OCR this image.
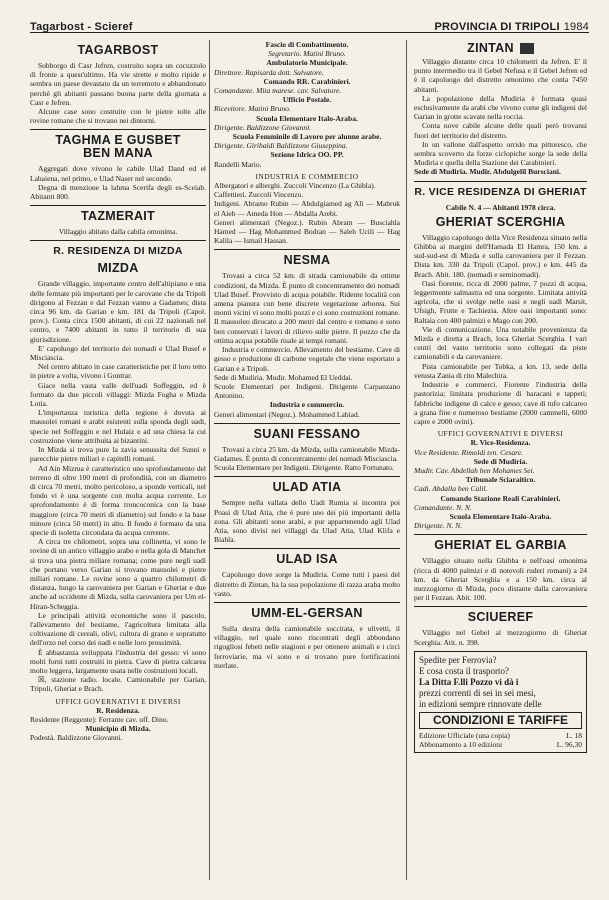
Tagarbost - Scieref	PROVINCIA DI TRIPOLI 1984
TAGARBOST

Sobborgo di Casr Jefren, costruito sopra un cocuzzolo di fronte a quest'ultimo. Ha vie strette e molto ripide e sembra un paese devastato da un terremoto e abbandonato perchè gli abitanti passano buona parte della giornata a Casr e Jefren.

Alcune case sono costruite con le pietre tolte alle rovine romane che si trovano nei dintorni.

TAGHMA E GUSBET
BEN MANA

Aggregati dove vivono le cabile Ulad Dand ed el Lahaiena, nel primo, e Ulad Naser nel secondo.

Degna di menzione la lahma Scerifa degli es-Sceiab. Abitanti 800.

TAZMERAIT

Villaggio abitato dalla cabila omonima.

R. RESIDENZA DI MIZDA
MIZDA

Grande villaggio, importante centro dell'altipiano e una delle fermate più importanti per le carovane che da Tripoli dirigono al Fezzan e dal Fezzan vanno a Gadames; dista circa 96 km. da Garian e km. 181 da Tripoli (Capol. prov.). Conta circa 1500 abitanti, di cui 22 nazionali nel centro, e 7400 abitanti in tutto il territorio di sua giurisdizione.

E' capoluogo del territorio dei nomadi e Ulad Busef e Misciascia.

Nel centro abitato in case caratteristiche per il loro tetto in pietre a volta, vivono i Gontrar.

Giace nella vasta valle dell'uadi Soffeggin, ed è formato da due piccoli villaggi: Mizda Fogha e Mizda Lotia.

L'importanza turistica della regione è dovuta ai mausolei romani e arabi esistenti sulla sponda degli uadi, specie nel Soffeggin e nel Hulaiz e ad una chiesa la cui costruzione viene attribuita ai bizantini.

In Mizda si trova pure la zavia senussita del Sunni e parecchie pietre miliari e capitelli romani.

Ad Ain Mizrua è caratteristico uno sprofondamento del terreno di oltre 100 metri di profondità, con un diametro di circa 70 metri, molto pericoloso, a sponde verticali, nel fondo vi è una sorgente con molta acqua corrente. Lo sprofondamento è di forma troncoconica con la base maggiore (circa 70 metri di diametro) sul fondo e la base minore (circa 50 metri) in alto. Il fondo è formato da una specie di isoletta circondata da acqua corrente.

A circa tre chilometri, sopra una collinetta, vi sono le rovine di un antico villaggio arabo e nella gola di Manchet si trova una pietra miliare romana; come pure negli uadi che portano verso Garian si trovano mausolei e pietre miliari romane. Le rovine sono a quattro chilometri di distanza, lungo la carovaniera per Garian e Gheriat e due anche ad occidente di Mizda, sulla carovaniera per Um el-Hiran-Scheggia.

Le principali attività economiche sono il pascolo, l'allevamento del bestiame, l'agricoltura limitata alla coltivazione di cereali, olivi, cultura di grano e sopratutto dell'orzo nel corso dei nadi e nelle loro prossimità.

È abbastanza sviluppata l'industria del gesso: vi sono molti forni tutti costruiti in pietra. Cave di pietra calcarea molto leggera, largamente usata nelle costruzioni locali.

☒, stazione radio. locale. Camionabile per Garian, Tripoli, Gheriat e Brach.

UFFICI GOVERNATIVI E DIVERSI

R. Residenza.

Residente (Reggente): Ferrante cav. uff. Dino.

Municipio di Mizda.

Podestà. Baldizzone Giovanni.

Fascio di Combattimento.

Segretario. Matini Bruno.

Ambulatorio Municipale.

Direttore. Rapisarda dott. Salvatore.

Comando RR. Carabinieri.

Comandante. Mita marese. cav. Salvatore.

Ufficio Postale.

Ricevitore. Matini Bruno.

Scuola Elementare Italo-Araba.

Dirigente. Baldizzone Giovanni.

Scuola Femminile di Lavoro per alunne arabe.

Dirigente. Giribaldi Baldizzone Giuseppina.

Sezione Idrica OO. PP.

Randelli Mario.

INDUSTRIA E COMMERCIO

Albergatori e alberghi. Zuccoli Vincenzo (La Ghibla).

Caffettieri. Zuccoli Vincenzo.

Indigeni. Abramo Rubin — Abdulgiamed ag Alì — Mabruk el Aieb — Ameda Hon — Abdalla Arebi.

Generi alimentari (Negoz.). Rubin Abram — Busciahla Hamed — Hag Mohammed Bodran — Saleh Ucili — Hag Kalila — Ismail Hassan.

NESMA

Trovasi a circa 52 km. di strada camionabile da ottime condizioni, da Mizda. È punto di concentramento dei nomadi Ulad Busef. Provvisto di acqua potabile. Ridente località con amena pianura con bene discrete vegetazione arborea. Sui monti vicini vi sono molti pozzi e ci sono costruzioni romane. Il mausoleo dirocato a 200 metri dal centro e romano e sono ben conservati i lavori di rilievo sulle pietre. Il pozzo che da ottima acqua potabile risale ai tempi romani.

Industria e commercio. Allevamento del bestiame. Cave di gesso e produzione di carbone vegetale che viene esportato a Garian e a Tripoli.

Sede di Mudiria. Mudir. Mohamed El Ueddai.

Scuole Elementari per Indigeni. Dirigente Carpanzano Antonino.

Industria e commercio.

Generi alimentari (Negoz.). Mohammed Labiad.

SUANI FESSANO

Trovasi a circa 25 km. da Mizda, sulla camionabile Mizda-Gadames. È punto di concentramento dei nomadi Misciascia.

Scuola Elementare per Indigeni. Dirigente. Ratto Fortunato.

ULAD ATIA

Sempre nella vallata dello Uadi Rumia si incontra poi Poasi di Ulad Atia, che è pure uno dei più importanti della zona. Gli abitanti sono arabi, e pur appartenendo agli Ulad Atia, sono divisi nei villaggi da Ulad Atia, Ulad Klifa e Biahla.

ULAD ISA

Capoluogo dove sorge la Mudiria. Come tutti i paesi del distretto di Zintan, ha la sua popolazione di razza araba molto vasto.

UMM-EL-GERSAN

Sulla destra della camionabile succitata, e ulivetti, il villaggio, nel quale sono riscontrati degli abbondano rigogliosi febeti nelle stagioni e per ottenere animali e i circi ferroviarie, ma vi sono e si trovano pure fortificazioni merlate.

ZINTAN

Villaggio distante circa 10 chilometri da Jefren. E' il punto intermedio tra il Gebel Nefusa e il Gebel Jefren ed è il capoluogo del distretto omonimo che conta 7450 abitanti.

La popolazione della Mudiria è formata quasi esclusivamente da arabi che vivono come gli indigeni del Garian in grotte scavate nella roccia.

Conta nove cabile alcune delle quali però trovansi fuori del territorio del distretto.

In un vallone dall'aspetto orrido ma pittoresco, che sembra scoverto da forze ciclopiche sorge la sede della Mudiria e quella della Stazione dei Carabinieri.

Sede di Mudiria. Mudir. Abdulgelil Bursciani.

R. VICE RESIDENZA DI GHERIAT

Cabile N. 4 — Abitanti 1978 circa.

GHERIAT SCERGHIA

Villaggio capoluogo della Vice Residenza situato nella Ghibba ai margini dell'Hamada El Hamra, 150 km. a sud-sud-est di Mizda e sulla carovaniera per il Fezzan. Dista km. 330 da Tripoli (Capol. prov.) e km. 445 da Brach. Abit. 180. (nomadi e seminomadi).

Oasi fiorente, ricca di 2000 palme, 7 pozzi di acqua, leggermente salmastra ed una sorgente. Limitata attività agricola, che si svolge nelle oasi e negli uadi Marsit, Ufsigh, Frutte e Tachiezia. Altre oasi importanti sono: Raltaia con 400 palmizi e Mago con 200.

Vie di comunicazione. Una notabile provenienza da Mizda e diretta a Brach, loca Gheriat Scerghia. I vari centri del vasto territorio sono collegati da piste camionabili e da carovaniere.

Pista camionabile per Tobka, a km. 13, sede della vetusta Zania di rito Malechita.

Industrie e commerci. Fiorente l'industria della pastorizia; limitata produzione di baracani e tappeti; fabbriche indigene di calce e gesso; cave di tufo calcareo a grana fine e numeroso bestiame (2000 cammelli, 6000 capre e 2000 ovini).

UFFICI GOVERNATIVI E DIVERSI

R. Vice-Residenza.

Vice Residente. Rimoldi ten. Cesare.

Sede di Mudiria.

Mudir. Cav. Abdellah ben Mohames Sei.

Tribunale Sciaraitico.

Cadi. Abdalla ben Calil.

Comando Stazione Reali Carabinieri.

Comandante. N. N.

Scuola Elementare Italo-Araba.

Dirigente. N. N.

GHERIAT EL GARBIA

Villaggio situato nella Ghibba e nell'oasi omonima (ricca di 4000 palmizi e di notevoli ruderi romani) a 24 km. da Gheriat Scerghia e a 150 km. circa al mezzogiorno di Mizda, poco distante dalla carovaniera per il Fezzan. Abit. 100.

SCIUEREF

Villaggio nel Gebel al mezzogiorno di Gheriat Scerghia. Atit. n. 398.

Spedite per Ferrovia?
E cosa costa il trasporto?
La Ditta F.lli Pozzo vi dà i
prezzi correnti di sei in sei mesi,
in edizioni sempre rinnovate delle
CONDIZIONI E TARIFFE
Edizione Ufficiale (una copia)	L. 18
Abbonamento a 10 edizioni	L. 96,30
